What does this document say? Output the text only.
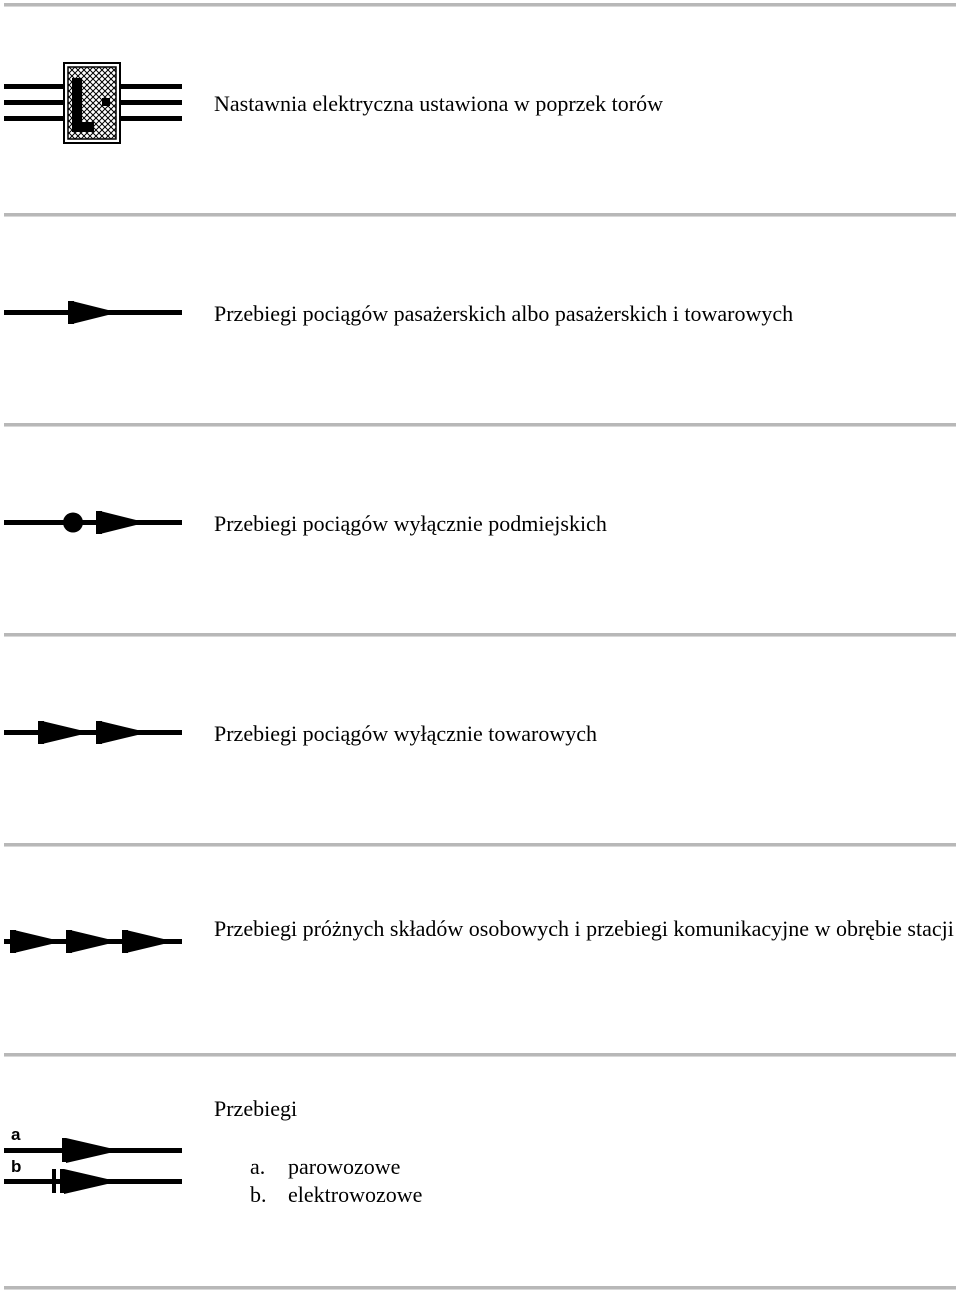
Nastawnia elektryczna ustawiona w poprzek torów
Przebiegi pociągów pasażerskich albo pasażerskich i towarowych
Przebiegi pociągów wyłącznie podmiejskich
Przebiegi pociągów wyłącznie towarowych
Przebiegi próżnych składów osobowych i przebiegi komunikacyjne w obrębie stacji
a
b
Przebiegi
a. parowozowe
b. elektrowozowe
